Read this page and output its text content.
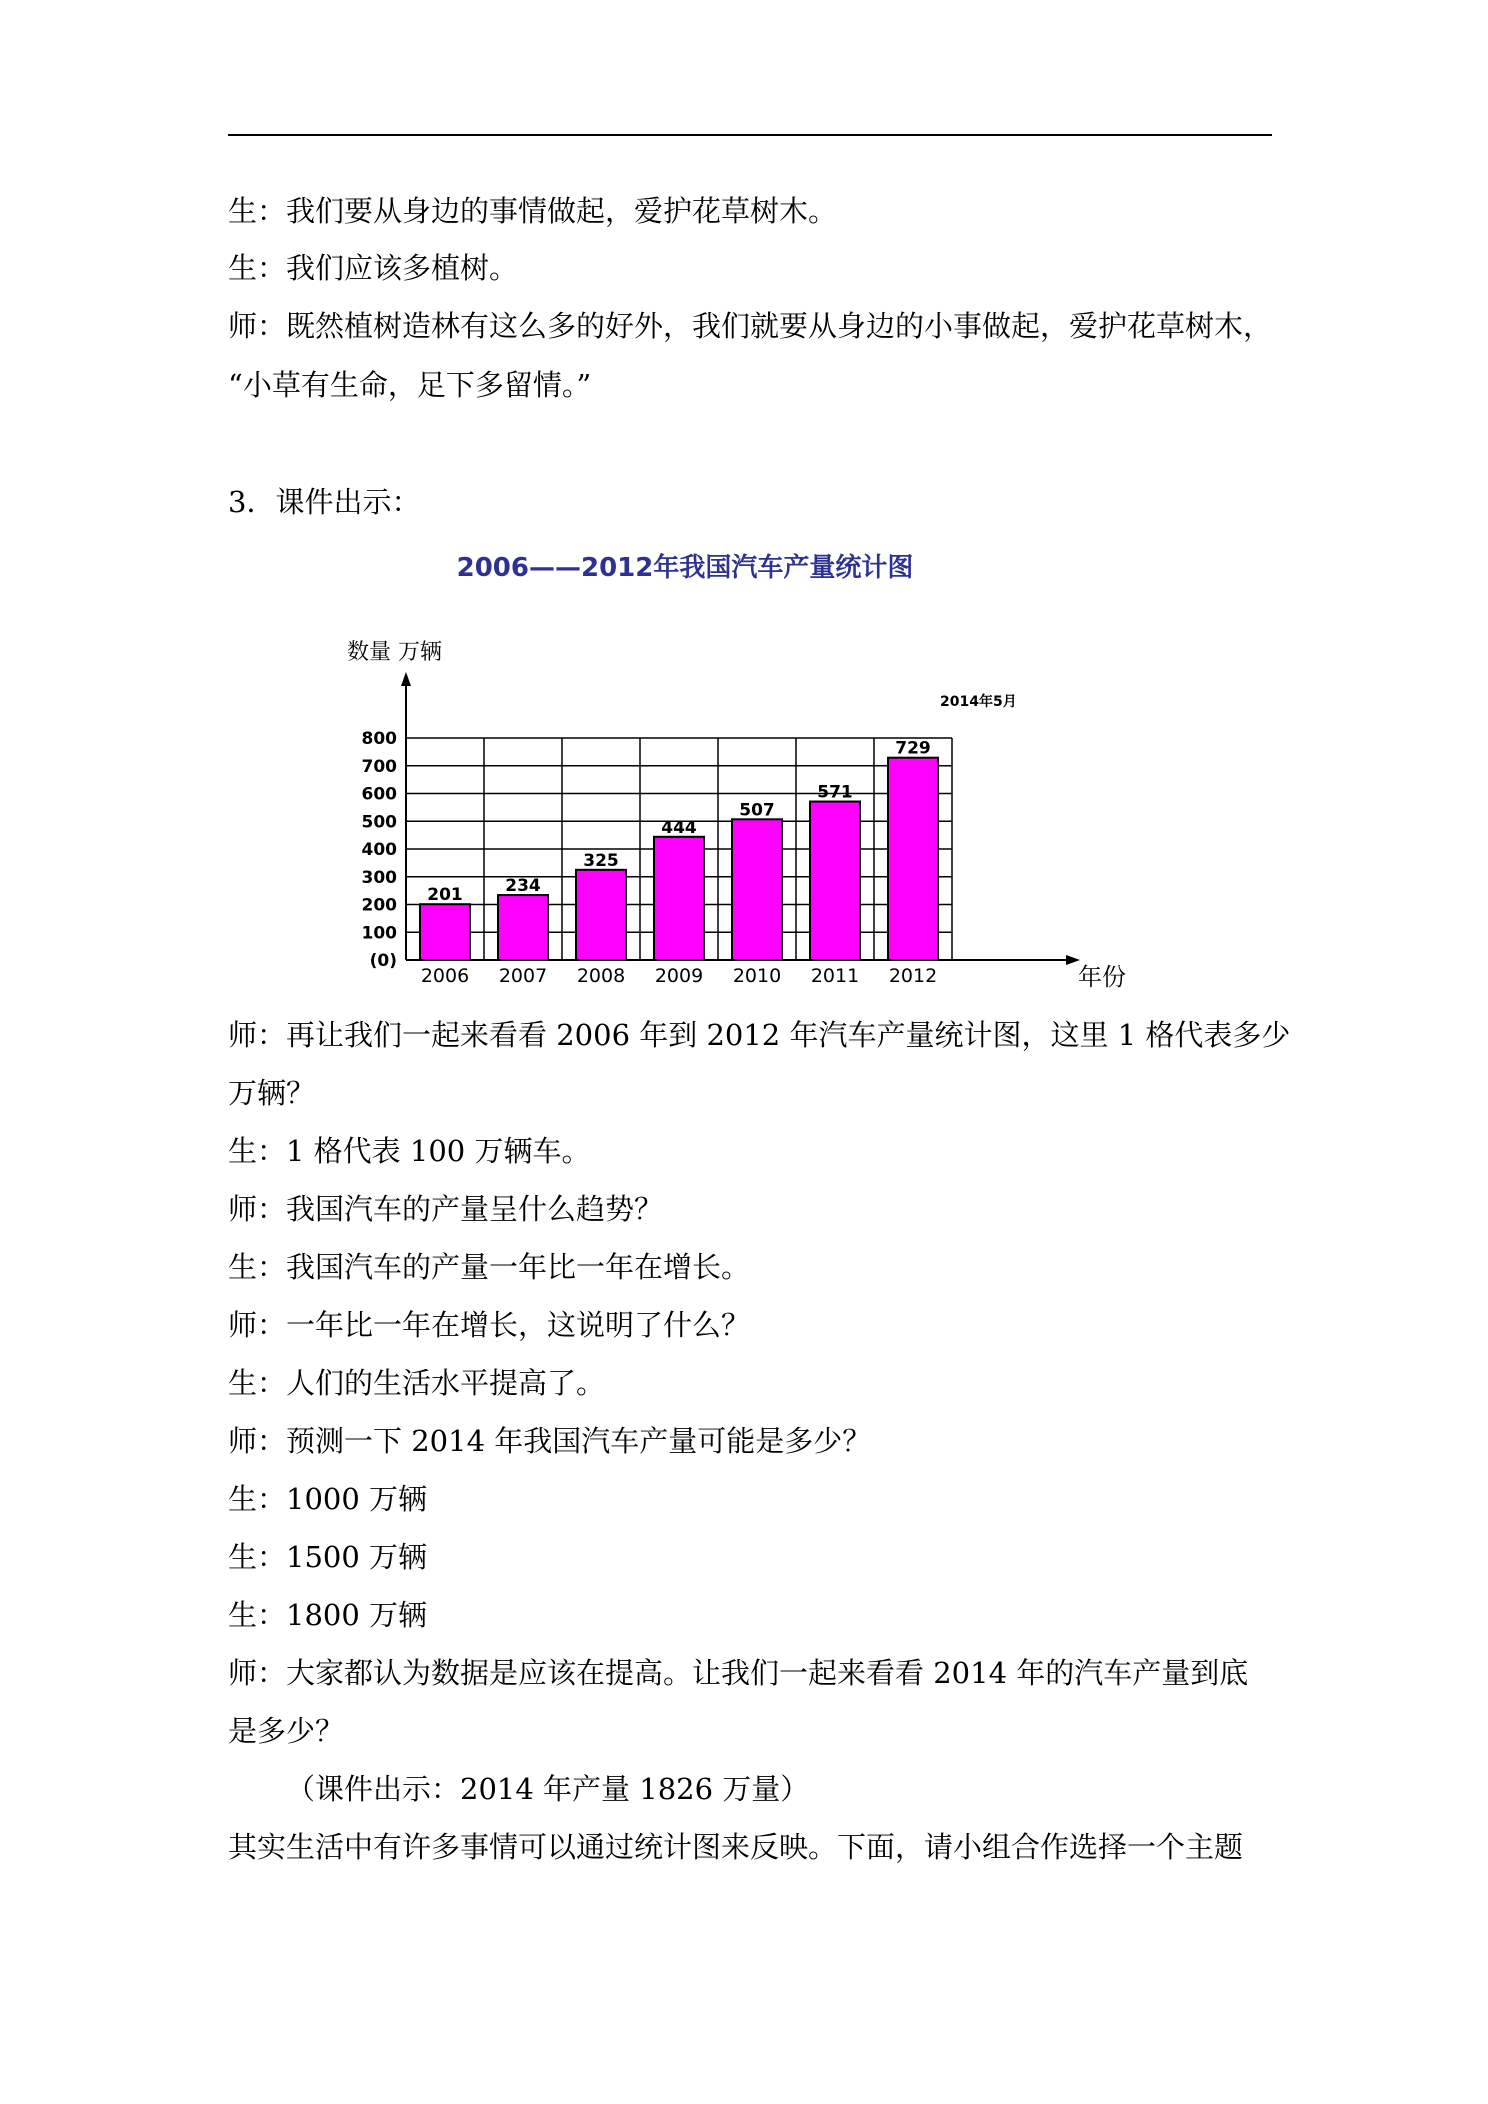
生：我们要从身边的事情做起，爱护花草树木。
生：我们应该多植树。
师：既然植树造林有这么多的好外，我们就要从身边的小事做起，爱护花草树木，
“小草有生命，足下多留情。”
3．课件出示：
2006——2012年我国汽车产量统计图
数量 万辆
2014年5月
年份
201	234
325
444
507
571
729
(0)
100
200
300
400
500
600
700
800
2006 2007 2008 2009 2010 2011 2012
师：再让我们一起来看看 2006 年到 2012 年汽车产量统计图，这里 1 格代表多少
万辆？
生：1 格代表 100 万辆车。
师：我国汽车的产量呈什么趋势？
生：我国汽车的产量一年比一年在增长。
师：一年比一年在增长，这说明了什么？
生：人们的生活水平提高了。
师：预测一下 2014 年我国汽车产量可能是多少？
生：1000 万辆
生：1500 万辆
生：1800 万辆
师：大家都认为数据是应该在提高。让我们一起来看看 2014 年的汽车产量到底
是多少？
（课件出示：2014 年产量 1826 万量）
其实生活中有许多事情可以通过统计图来反映。下面，请小组合作选择一个主题
